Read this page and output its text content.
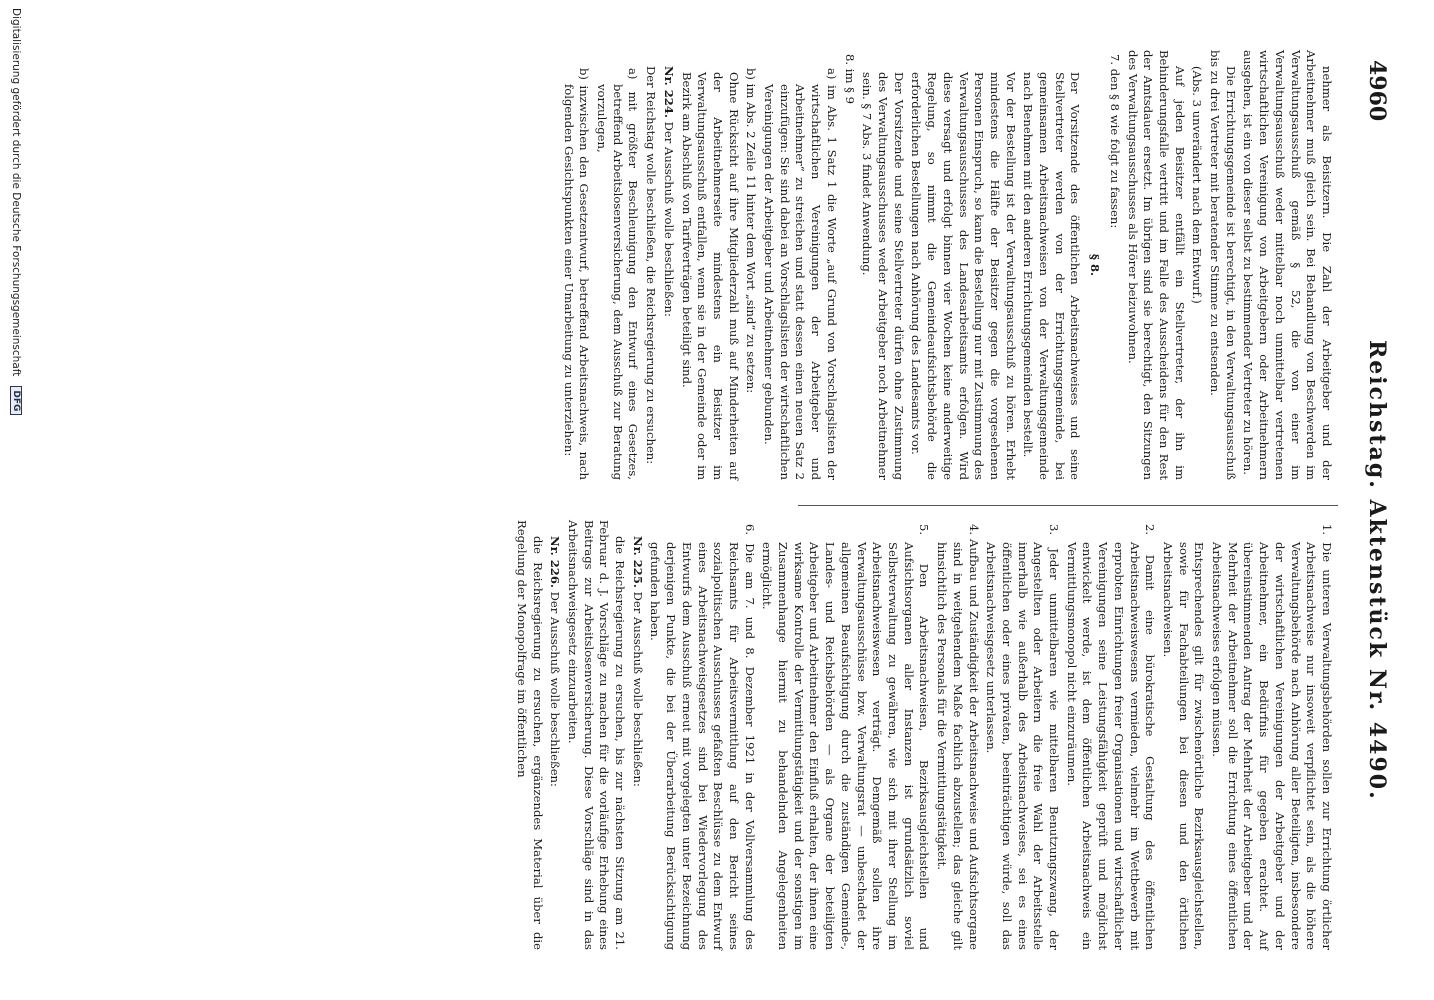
4960
Reichstag. Aktenstück Nr. 4490.

nehmer als Beisitzern. Die Zahl der Arbeitgeber und der Arbeitnehmer muß gleich sein. Bei Behandlung von Beschwerden im Verwaltungsausschuß gemäß § 52, die von einer im Verwaltungsausschuß weder mittelbar noch unmittelbar vertretenen wirtschaftlichen Vereinigung von Arbeitgebern oder Arbeitnehmern ausgehen, ist ein von dieser selbst zu bestimmender Vertreter zu hören.

Die Errichtungsgemeinde ist berechtigt, in den Verwaltungsausschuß bis zu drei Vertreter mit beratender Stimme zu entsenden.

(Abs. 3 unverändert nach dem Entwurf.)

Auf jeden Beisitzer entfällt ein Stellvertreter, der ihn im Behinderungsfalle vertritt und im Falle des Ausscheidens für den Rest der Amtsdauer ersetzt. Im übrigen sind sie berechtigt, den Sitzungen des Verwaltungsausschusses als Hörer beizuwohnen.

7. den § 8 wie folgt zu fassen:

§ 8.

Der Vorsitzende des öffentlichen Arbeitsnachweises und seine Stellvertreter werden von der Errichtungsgemeinde, bei gemeinsamen Arbeitsnachweisen von der Verwaltungsgemeinde nach Benehmen mit den anderen Errichtungsgemeinden bestellt.

Vor der Bestellung ist der Verwaltungsausschuß zu hören. Erhebt mindestens die Hälfte der Beisitzer gegen die vorgesehenen Personen Einspruch, so kann die Bestellung nur mit Zustimmung des Verwaltungsausschusses des Landesarbeitsamts erfolgen. Wird diese versagt und erfolgt binnen vier Wochen keine anderweitige Regelung, so nimmt die Gemeindeaufsichtsbehörde die erforderlichen Bestellungen nach Anhörung des Landesamts vor.

Der Vorsitzende und seine Stellvertreter dürfen ohne Zustimmung des Verwaltungsausschusses weder Arbeitgeber noch Arbeitnehmer sein. § 7 Abs. 3 findet Anwendung.

8. im § 9

a) im Abs. 1 Satz 1 die Worte „auf Grund von Vorschlagslisten der wirtschaftlichen Vereinigungen der Arbeitgeber und Arbeitnehmer“ zu streichen und statt dessen einen neuen Satz 2 einzufügen: Sie sind dabei an Vorschlagslisten der wirtschaftlichen Vereinigungen der Arbeitgeber und Arbeitnehmer gebunden.

b) im Abs. 2 Zeile 11 hinter dem Wort „sind“ zu setzen:

Ohne Rücksicht auf ihre Mitgliederzahl muß auf Minderheiten auf der Arbeitnehmerseite mindestens ein Beisitzer im Verwaltungsausschuß entfallen, wenn sie in der Gemeinde oder im Bezirk am Abschluß von Tarifverträgen beteiligt sind.

Nr. 224. Der Ausschuß wolle beschließen:

Der Reichstag wolle beschließen, die Reichsregierung zu ersuchen:

a) mit größter Beschleunigung den Entwurf eines Gesetzes, betreffend Arbeitslosenversicherung, dem Ausschuß zur Beratung vorzulegen,

b) inzwischen den Gesetzentwurf, betreffend Arbeitsnachweis, nach folgenden Gesichtspunkten einer Umarbeitung zu unterziehen:

1. Die unteren Verwaltungsbehörden sollen zur Errichtung örtlicher Arbeitsnachweise nur insoweit verpflichtet sein, als die höhere Verwaltungsbehörde nach Anhörung aller Beteiligten, insbesondere der wirtschaftlichen Vereinigungen der Arbeitgeber und der Arbeitnehmer, ein Bedürfnis für gegeben erachtet. Auf übereinstimmenden Antrag der Mehrheit der Arbeitgeber und der Mehrheit der Arbeitnehmer soll die Errichtung eines öffentlichen Arbeitsnachweises erfolgen müssen.

Entsprechendes gilt für zwischenörtliche Bezirksausgleichstellen, sowie für Fachabteilungen bei diesen und den örtlichen Arbeitsnachweisen.

2. Damit eine bürokratische Gestaltung des öffentlichen Arbeitsnachweiswesens vermieden, vielmehr im Wettbewerb mit erprobten Einrichtungen freier Organisationen und wirtschaftlicher Vereinigungen seine Leistungsfähigkeit geprüft und möglichst entwickelt werde, ist dem öffentlichen Arbeitsnachweis ein Vermittlungsmonopol nicht einzuräumen.

3. Jeder unmittelbaren wie mittelbaren Benutzungszwang, der Angestellten oder Arbeitern die freie Wahl der Arbeitsstelle innerhalb wie außerhalb des Arbeitsnachweises, sei es eines öffentlichen oder eines privaten, beeinträchtigen würde, soll das Arbeitsnachweisgesetz unterlassen.

4. Aufbau und Zuständigkeit der Arbeitsnachweise und Aufsichtsorgane sind in weitgehendem Maße fachlich abzustellen; das gleiche gilt hinsichtlich des Personals für die Vermittlungstätigkeit.

5. Den Arbeitsnachweisen, Bezirksausgleichstellen und Aufsichtsorganen aller Instanzen ist grundsätzlich soviel Selbstverwaltung zu gewähren, wie sich mit ihrer Stellung im Arbeitsnachweiswesen verträgt. Demgemäß sollen ihre Verwaltungsausschüsse bzw. Verwaltungsrat — unbeschadet der allgemeinen Beaufsichtigung durch die zuständigen Gemeinde-, Landes- und Reichsbehörden — als Organe der beteiligten Arbeitgeber und Arbeitnehmer den Einfluß erhalten, der ihnen eine wirksame Kontrolle der Vermittlungstätigkeit und der sonstigen im Zusammenhange hiermit zu behandelnden Angelegenheiten ermöglicht.

6. Die am 7. und 8. Dezember 1921 in der Vollversammlung des Reichsamts für Arbeitsvermittlung auf den Bericht seines sozialpolitischen Ausschusses gefaßten Beschlüsse zu dem Entwurf eines Arbeitsnachweisgesetzes sind bei Wiedervorlegung des Entwurfs dem Ausschuß erneut mit vorgelegten unter Bezeichnung derjenigen Punkte, die bei der Überarbeitung Berücksichtigung gefunden haben.

Nr. 225. Der Ausschuß wolle beschließen:

die Reichsregierung zu ersuchen, bis zur nächsten Sitzung am 21. Februar d. J. Vorschläge zu machen für die vorläufige Erhebung eines Beitrags zur Arbeitslosenversicherung. Diese Vorschläge sind in das Arbeitsnachweisgesetz einzuarbeiten.

Nr. 226. Der Ausschuß wolle beschließen:

die Reichsregierung zu ersuchen, ergänzendes Material über die Regelung der Monopolfrage im öffentlichen

Digitalisierung gefördert durch die Deutsche Forschungsgemeinschaft
DFG
